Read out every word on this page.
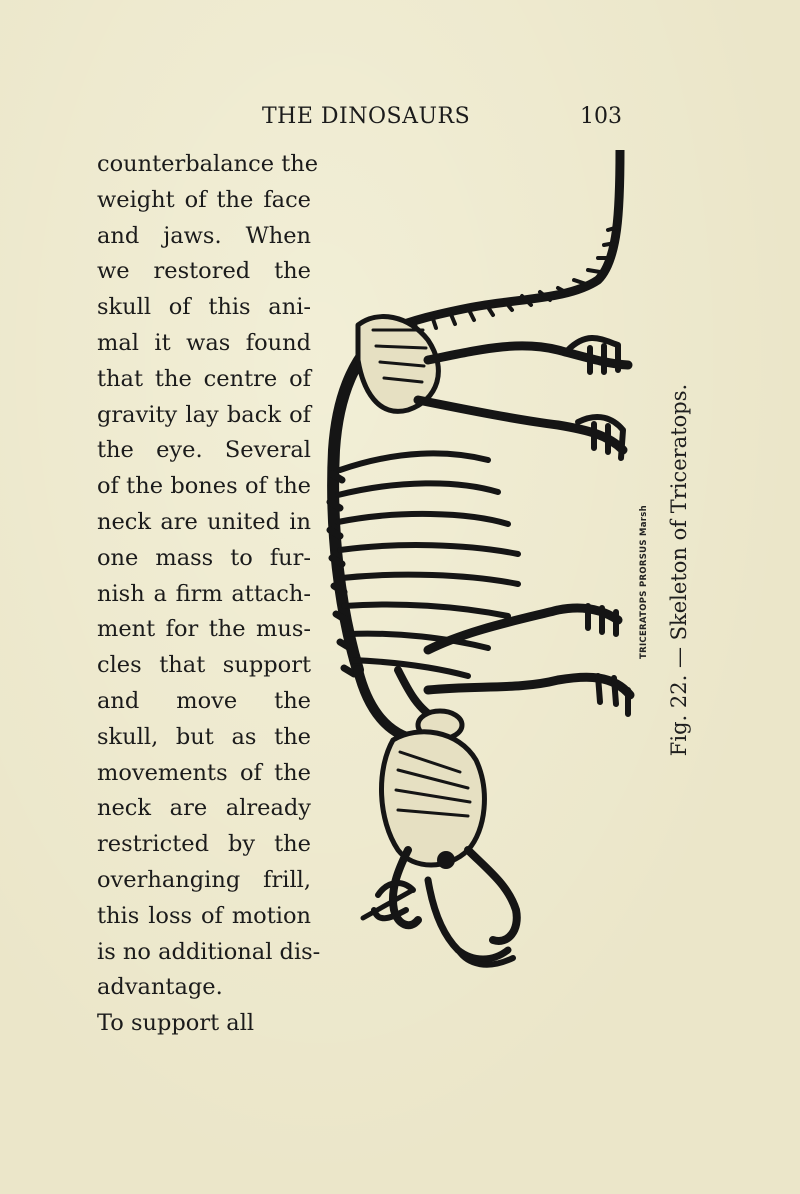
THE DINOSAURS	103
counterbalance the
weight of the face
and jaws. When
we restored the
skull of this ani-
mal it was found
that the centre of
gravity lay back of
the eye. Several
of the bones of the
neck are united in
one mass to fur-
nish a firm attach-
ment for the mus-
cles that support
and move the
skull, but as the
movements of the
neck are already
restricted by the
overhanging frill,
this loss of motion
is no additional dis-
advantage.
To support all
TRICERATOPS PRORSUS Marsh Fig. 22. — Skeleton of Triceratops.
